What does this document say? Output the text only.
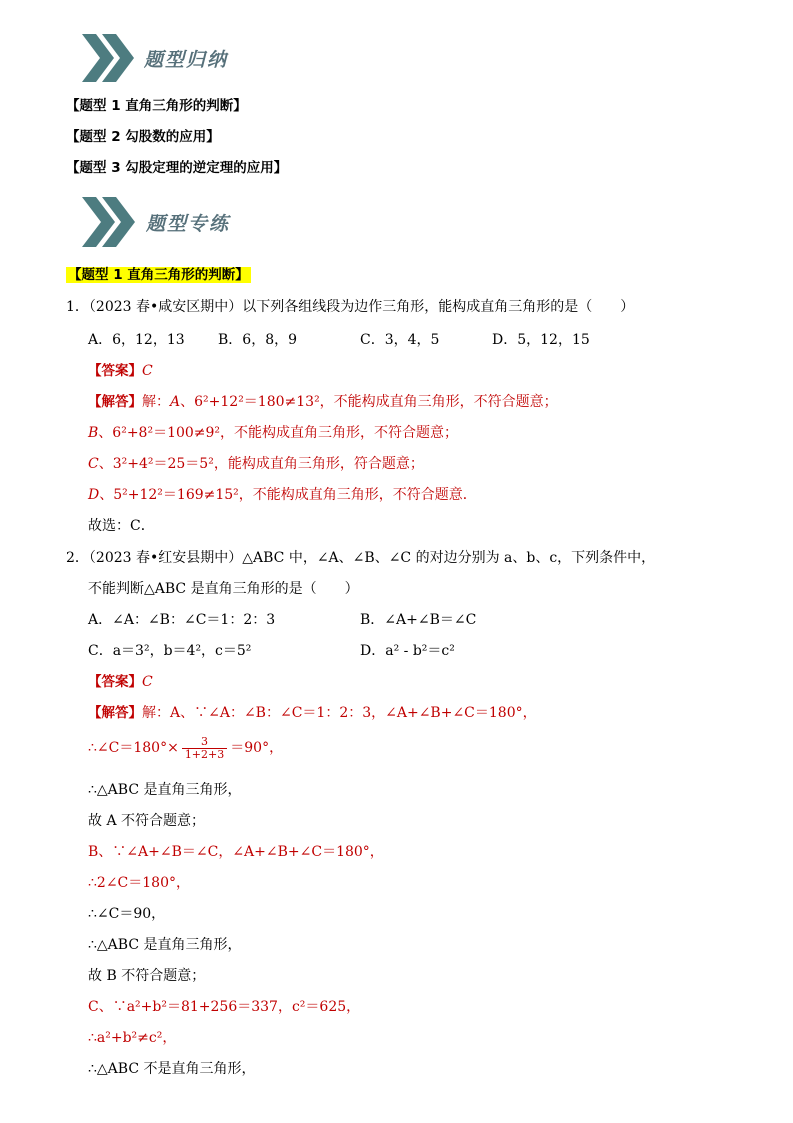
题型归纳
【题型 1 直角三角形的判断】
【题型 2 勾股数的应用】
【题型 3 勾股定理的逆定理的应用】
题型专练
【题型 1 直角三角形的判断】
1．（2023 春•咸安区期中）以下列各组线段为边作三角形，能构成直角三角形的是（　　）
A．6，12，13 B．6，8，9	C．3，4，5	D．5，12，15
【答案】C
【解答】解：A、6²+12²＝180≠13²，不能构成直角三角形，不符合题意；
B、6²+8²＝100≠9²，不能构成直角三角形，不符合题意；
C、3²+4²＝25＝5²，能构成直角三角形，符合题意；
D、5²+12²＝169≠15²，不能构成直角三角形，不符合题意．
故选：C．
2．（2023 春•红安县期中）△ABC 中，∠A、∠B、∠C 的对边分别为 a、b、c，下列条件中，
不能判断△ABC 是直角三角形的是（　　）
A．∠A：∠B：∠C＝1：2：3	B．∠A+∠B＝∠C
C．a＝3²，b＝4²，c＝5²	D．a² - b²＝c²
【答案】C
【解答】解：A、∵∠A：∠B：∠C＝1：2：3，∠A+∠B+∠C＝180°，
∴∠C＝180°× $\frac{3}{1+2+3} =90^\circ$，
∴△ABC 是直角三角形，
故 A 不符合题意；
B、∵∠A+∠B＝∠C，∠A+∠B+∠C＝180°，
∴2∠C＝180°，
∴∠C＝90，
∴△ABC 是直角三角形，
故 B 不符合题意；
C、∵a²+b²＝81+256＝337，c²＝625，
∴a²+b²≠c²，
∴△ABC 不是直角三角形，
